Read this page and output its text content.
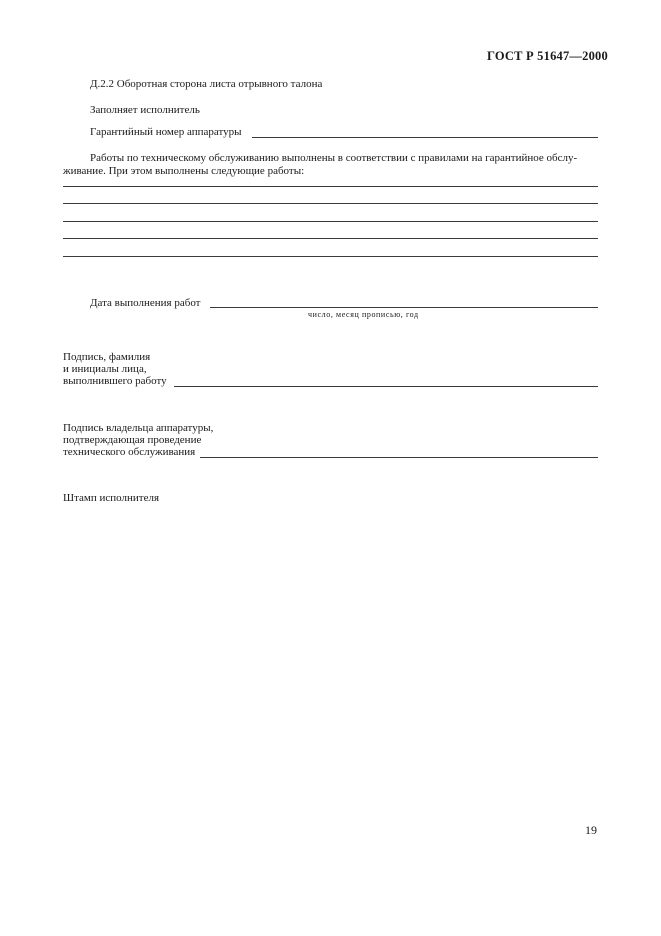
ГОСТ Р 51647—2000
Д.2.2 Оборотная сторона листа отрывного талона
Заполняет исполнитель
Гарантийный номер аппаратуры
Работы по техническому обслуживанию выполнены в соответствии с правилами на гарантийное обслу-
живание. При этом выполнены следующие работы:
Дата выполнения работ
число, месяц прописью, год
Подпись, фамилия
и инициалы лица,
выполнившего работу
Подпись владельца аппаратуры,
подтверждающая проведение
технического обслуживания
Штамп исполнителя
19
